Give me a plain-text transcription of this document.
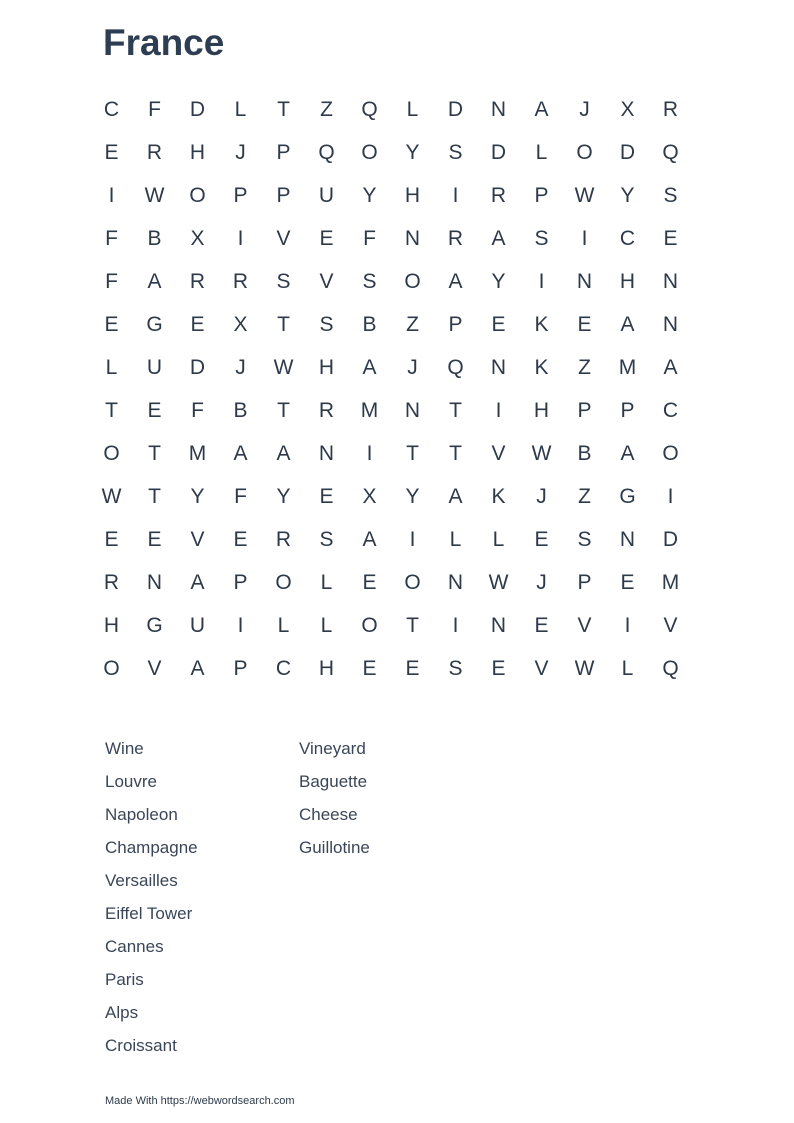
France
C	F	D	L	T	Z	Q	L	D	N	A	J	X	R
E	R	H	J	P	Q	O	Y	S	D	L	O	D	Q
I	W	O	P	P	U	Y	H	I	R	P	W	Y	S
F	B	X	I	V	E	F	N	R	A	S	I	C	E
F	A	R	R	S	V	S	O	A	Y	I	N	H	N
E	G	E	X	T	S	B	Z	P	E	K	E	A	N
L	U	D	J	W	H	A	J	Q	N	K	Z	M	A
T	E	F	B	T	R	M	N	T	I	H	P	P	C
O	T	M	A	A	N	I	T	T	V	W	B	A	O
W	T	Y	F	Y	E	X	Y	A	K	J	Z	G	I
E	E	V	E	R	S	A	I	L	L	E	S	N	D
R	N	A	P	O	L	E	O	N	W	J	P	E	M
H	G	U	I	L	L	O	T	I	N	E	V	I	V
O	V	A	P	C	H	E	E	S	E	V	W	L	Q
Wine
Louvre
Napoleon
Champagne
Versailles
Eiffel Tower
Cannes
Paris
Alps
Croissant
Vineyard
Baguette
Cheese
Guillotine
Made With https://webwordsearch.com
